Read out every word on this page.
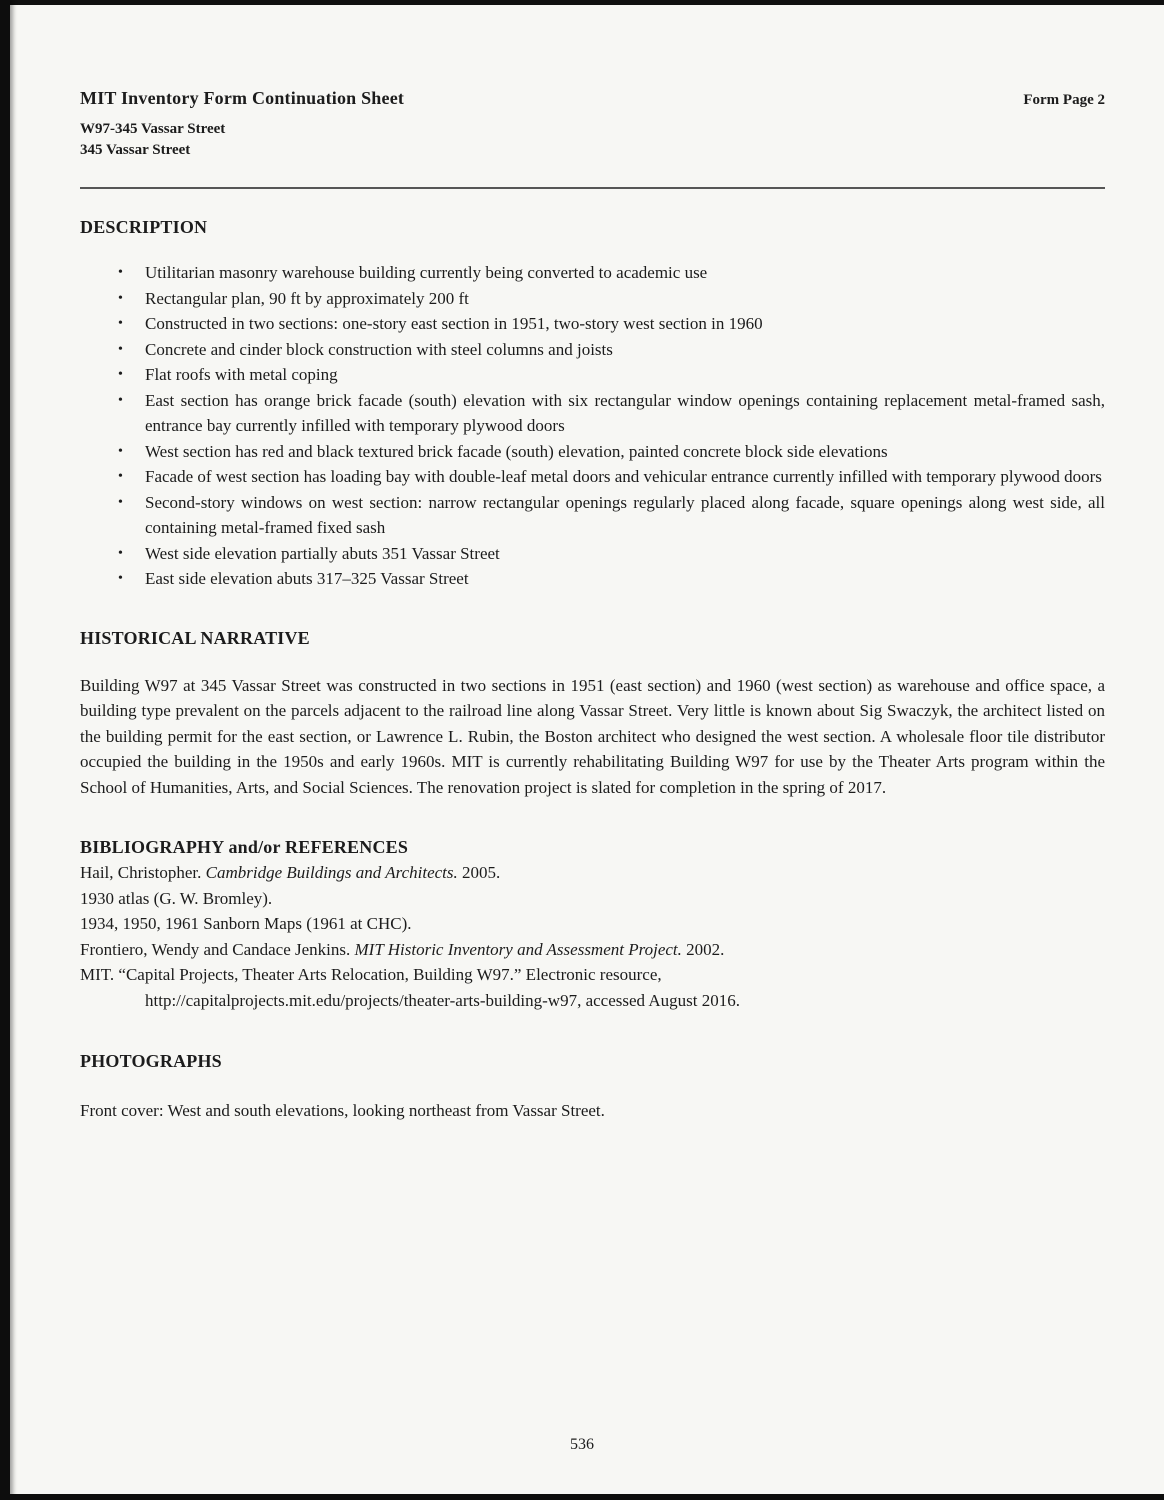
MIT Inventory Form Continuation Sheet	Form Page 2
W97-345 Vassar Street
345 Vassar Street
DESCRIPTION
• Utilitarian masonry warehouse building currently being converted to academic use
• Rectangular plan, 90 ft by approximately 200 ft
• Constructed in two sections: one-story east section in 1951, two-story west section in 1960
• Concrete and cinder block construction with steel columns and joists
• Flat roofs with metal coping
• East section has orange brick facade (south) elevation with six rectangular window openings containing replacement metal-framed sash, entrance bay currently infilled with temporary plywood doors
• West section has red and black textured brick facade (south) elevation, painted concrete block side elevations
• Facade of west section has loading bay with double-leaf metal doors and vehicular entrance currently infilled with temporary plywood doors
• Second-story windows on west section: narrow rectangular openings regularly placed along facade, square openings along west side, all containing metal-framed fixed sash
• West side elevation partially abuts 351 Vassar Street
• East side elevation abuts 317–325 Vassar Street
HISTORICAL NARRATIVE
Building W97 at 345 Vassar Street was constructed in two sections in 1951 (east section) and 1960 (west section) as warehouse and office space, a building type prevalent on the parcels adjacent to the railroad line along Vassar Street. Very little is known about Sig Swaczyk, the architect listed on the building permit for the east section, or Lawrence L. Rubin, the Boston architect who designed the west section. A wholesale floor tile distributor occupied the building in the 1950s and early 1960s. MIT is currently rehabilitating Building W97 for use by the Theater Arts program within the School of Humanities, Arts, and Social Sciences. The renovation project is slated for completion in the spring of 2017.
BIBLIOGRAPHY and/or REFERENCES
Hail, Christopher. Cambridge Buildings and Architects. 2005.
1930 atlas (G. W. Bromley).
1934, 1950, 1961 Sanborn Maps (1961 at CHC).
Frontiero, Wendy and Candace Jenkins. MIT Historic Inventory and Assessment Project. 2002.
MIT. “Capital Projects, Theater Arts Relocation, Building W97.” Electronic resource,
http://capitalprojects.mit.edu/projects/theater-arts-building-w97, accessed August 2016.
PHOTOGRAPHS
Front cover: West and south elevations, looking northeast from Vassar Street.
536
